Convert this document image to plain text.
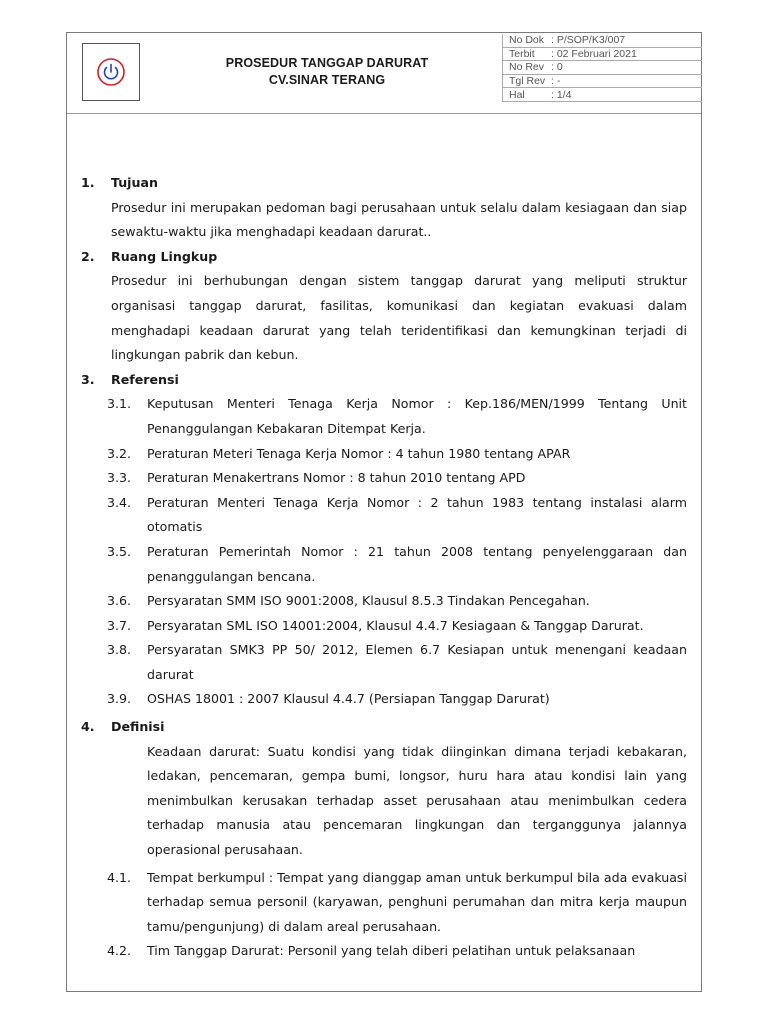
PROSEDUR TANGGAP DARURAT
CV.SINAR TERANG
No Dok : P/SOP/K3/007
Terbit	: 02 Februari 2021
No Rev : 0
Tgl Rev : -
Hal	: 1/4
1.	Tujuan
Prosedur ini merupakan pedoman bagi perusahaan untuk selalu dalam kesiagaan dan siap sewaktu-waktu jika menghadapi keadaan darurat..
2.	Ruang Lingkup
Prosedur ini berhubungan dengan sistem tanggap darurat yang meliputi struktur organisasi tanggap darurat, fasilitas, komunikasi dan kegiatan evakuasi dalam menghadapi keadaan darurat yang telah teridentifikasi dan kemungkinan terjadi di lingkungan pabrik dan kebun.
3.	Referensi
3.1.	Keputusan Menteri Tenaga Kerja Nomor : Kep.186/MEN/1999 Tentang Unit Penanggulangan Kebakaran Ditempat Kerja.
3.2.	Peraturan Meteri Tenaga Kerja Nomor : 4 tahun 1980 tentang APAR
3.3.	Peraturan Menakertrans Nomor : 8 tahun 2010 tentang APD
3.4.	Peraturan Menteri Tenaga Kerja Nomor : 2 tahun 1983 tentang instalasi alarm otomatis
3.5.	Peraturan Pemerintah Nomor : 21 tahun 2008 tentang penyelenggaraan dan penanggulangan bencana.
3.6.	Persyaratan SMM ISO 9001:2008, Klausul 8.5.3 Tindakan Pencegahan.
3.7.	Persyaratan SML ISO 14001:2004, Klausul 4.4.7 Kesiagaan & Tanggap Darurat.
3.8.	Persyaratan SMK3 PP 50/ 2012, Elemen 6.7 Kesiapan untuk menengani keadaan darurat
3.9.	OSHAS 18001 : 2007 Klausul 4.4.7 (Persiapan Tanggap Darurat)
4.	Definisi
Keadaan darurat: Suatu kondisi yang tidak diinginkan dimana terjadi kebakaran, ledakan, pencemaran, gempa bumi, longsor, huru hara atau kondisi lain yang menimbulkan kerusakan terhadap asset perusahaan atau menimbulkan cedera terhadap manusia atau pencemaran lingkungan dan terganggunya jalannya operasional perusahaan.
4.1.	Tempat berkumpul : Tempat yang dianggap aman untuk berkumpul bila ada evakuasi terhadap semua personil (karyawan, penghuni perumahan dan mitra kerja maupun tamu/pengunjung) di dalam areal perusahaan.
4.2.	Tim Tanggap Darurat: Personil yang telah diberi pelatihan untuk pelaksanaan
